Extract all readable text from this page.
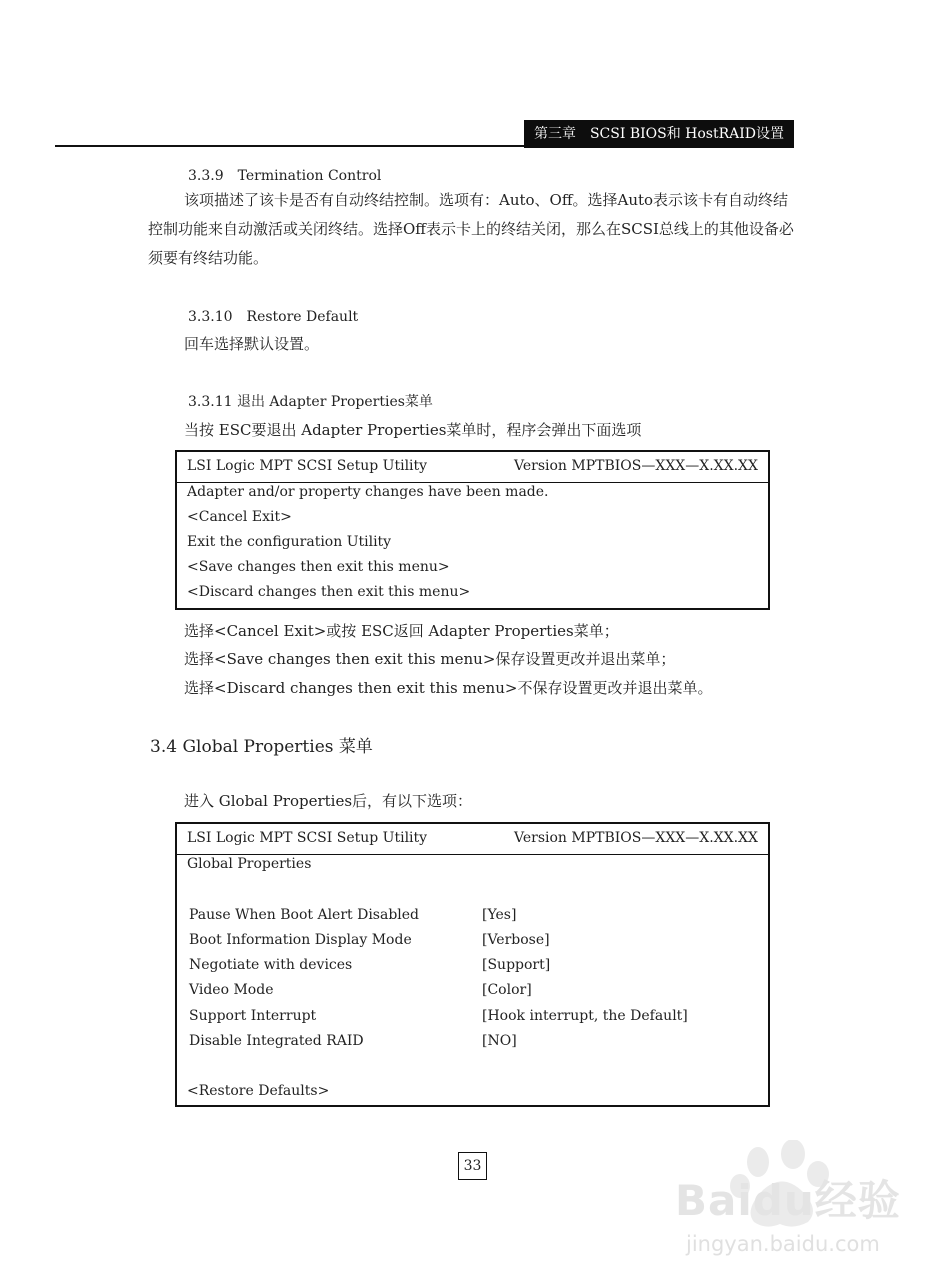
第三章　SCSI BIOS和 HostRAID设置
3.3.9　Termination Control
该项描述了该卡是否有自动终结控制。选项有：Auto、Off。选择Auto表示该卡有自动终结控制功能来自动激活或关闭终结。选择Off表示卡上的终结关闭，那么在SCSI总线上的其他设备必须要有终结功能。
3.3.10　Restore Default
回车选择默认设置。
3.3.11 退出 Adapter Properties菜单
当按 ESC要退出 Adapter Properties菜单时，程序会弹出下面选项
LSI Logic MPT SCSI Setup Utility	Version MPTBIOS—XXX—X.XX.XX
Adapter and/or property changes have been made.
<Cancel Exit>
Exit the configuration Utility
<Save changes then exit this menu>
<Discard changes then exit this menu>
选择<Cancel Exit>或按 ESC返回 Adapter Properties菜单；
选择<Save changes then exit this menu>保存设置更改并退出菜单；
选择<Discard changes then exit this menu>不保存设置更改并退出菜单。
3.4 Global Properties 菜单
进入 Global Properties后，有以下选项：
LSI Logic MPT SCSI Setup Utility	Version MPTBIOS—XXX—X.XX.XX
Global Properties
Pause When Boot Alert Disabled	[Yes]
Boot Information Display Mode	[Verbose]
Negotiate with devices	[Support]
Video Mode	[Color]
Support Interrupt	[Hook interrupt, the Default]
Disable Integrated RAID	[NO]
<Restore Defaults>
33
Baidu经验
jingyan.baidu.com
